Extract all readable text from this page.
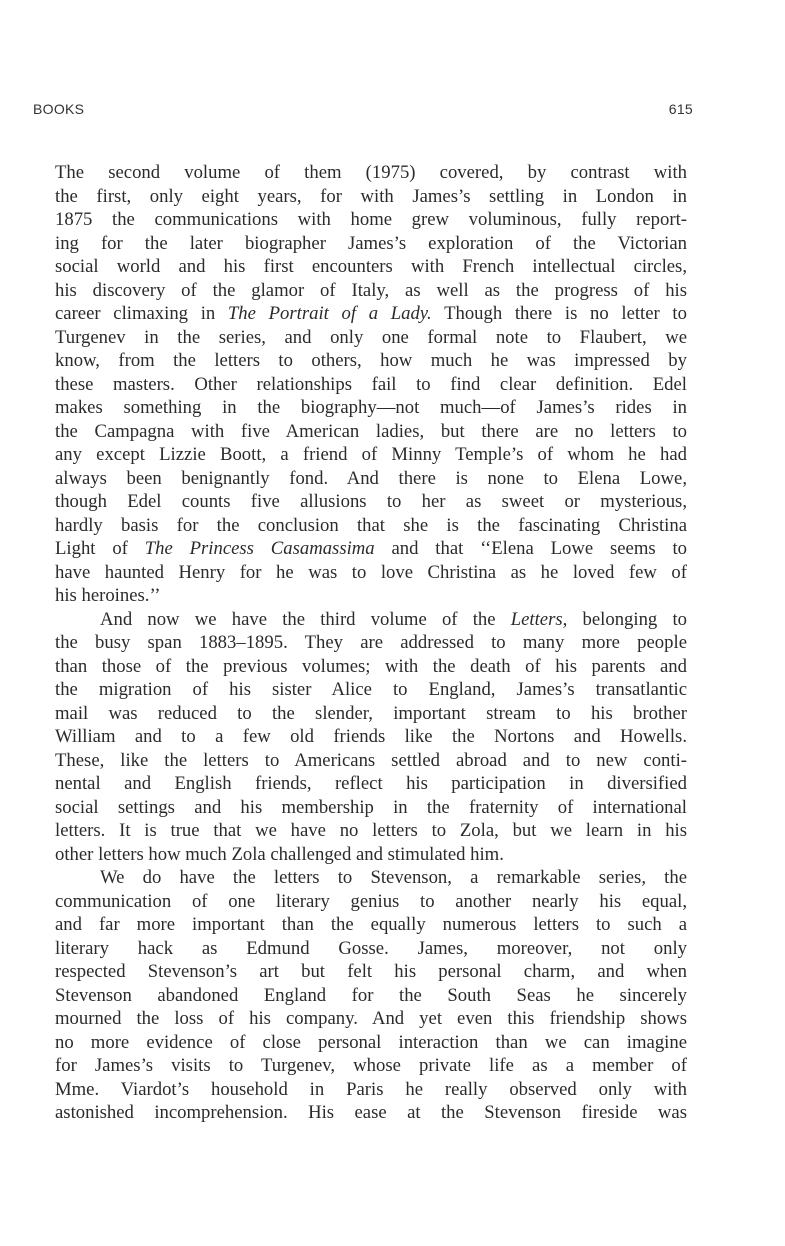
BOOKS	615
The second volume of them (1975) covered, by contrast with
the first, only eight years, for with James’s settling in London in
1875 the communications with home grew voluminous, fully report-
ing for the later biographer James’s exploration of the Victorian
social world and his first encounters with French intellectual circles,
his discovery of the glamor of Italy, as well as the progress of his
career climaxing in The Portrait of a Lady. Though there is no letter to
Turgenev in the series, and only one formal note to Flaubert, we
know, from the letters to others, how much he was impressed by
these masters. Other relationships fail to find clear definition. Edel
makes something in the biography—not much—of James’s rides in
the Campagna with five American ladies, but there are no letters to
any except Lizzie Boott, a friend of Minny Temple’s of whom he had
always been benignantly fond. And there is none to Elena Lowe,
though Edel counts five allusions to her as sweet or mysterious,
hardly basis for the conclusion that she is the fascinating Christina
Light of The Princess Casamassima and that ‘‘Elena Lowe seems to
have haunted Henry for he was to love Christina as he loved few of
his heroines.’’
And now we have the third volume of the Letters, belonging to
the busy span 1883–1895. They are addressed to many more people
than those of the previous volumes; with the death of his parents and
the migration of his sister Alice to England, James’s transatlantic
mail was reduced to the slender, important stream to his brother
William and to a few old friends like the Nortons and Howells.
These, like the letters to Americans settled abroad and to new conti-
nental and English friends, reflect his participation in diversified
social settings and his membership in the fraternity of international
letters. It is true that we have no letters to Zola, but we learn in his
other letters how much Zola challenged and stimulated him.
We do have the letters to Stevenson, a remarkable series, the
communication of one literary genius to another nearly his equal,
and far more important than the equally numerous letters to such a
literary hack as Edmund Gosse. James, moreover, not only
respected Stevenson’s art but felt his personal charm, and when
Stevenson abandoned England for the South Seas he sincerely
mourned the loss of his company. And yet even this friendship shows
no more evidence of close personal interaction than we can imagine
for James’s visits to Turgenev, whose private life as a member of
Mme. Viardot’s household in Paris he really observed only with
astonished incomprehension. His ease at the Stevenson fireside was
